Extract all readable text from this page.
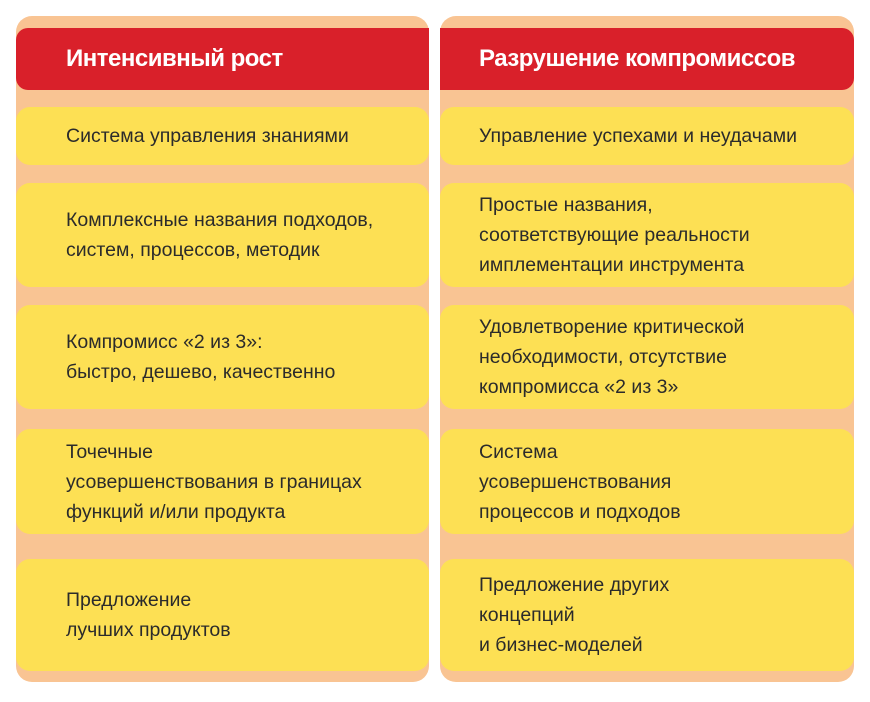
Интенсивный рост	Разрушение компромиссов
Система управления знаниями	Управление успехами и неудачами
Комплексные названия подходов,
систем, процессов, методик
Простые названия,
соответствующие реальности
имплементации инструмента
Компромисс «2 из 3»:
быстро, дешево, качественно
Удовлетворение критической
необходимости, отсутствие
компромисса «2 из 3»
Точечные
усовершенствования в границах
функций и/или продукта
Система
усовершенствования
процессов и подходов
Предложение
лучших продуктов
Предложение других
концепций
и бизнес-моделей
